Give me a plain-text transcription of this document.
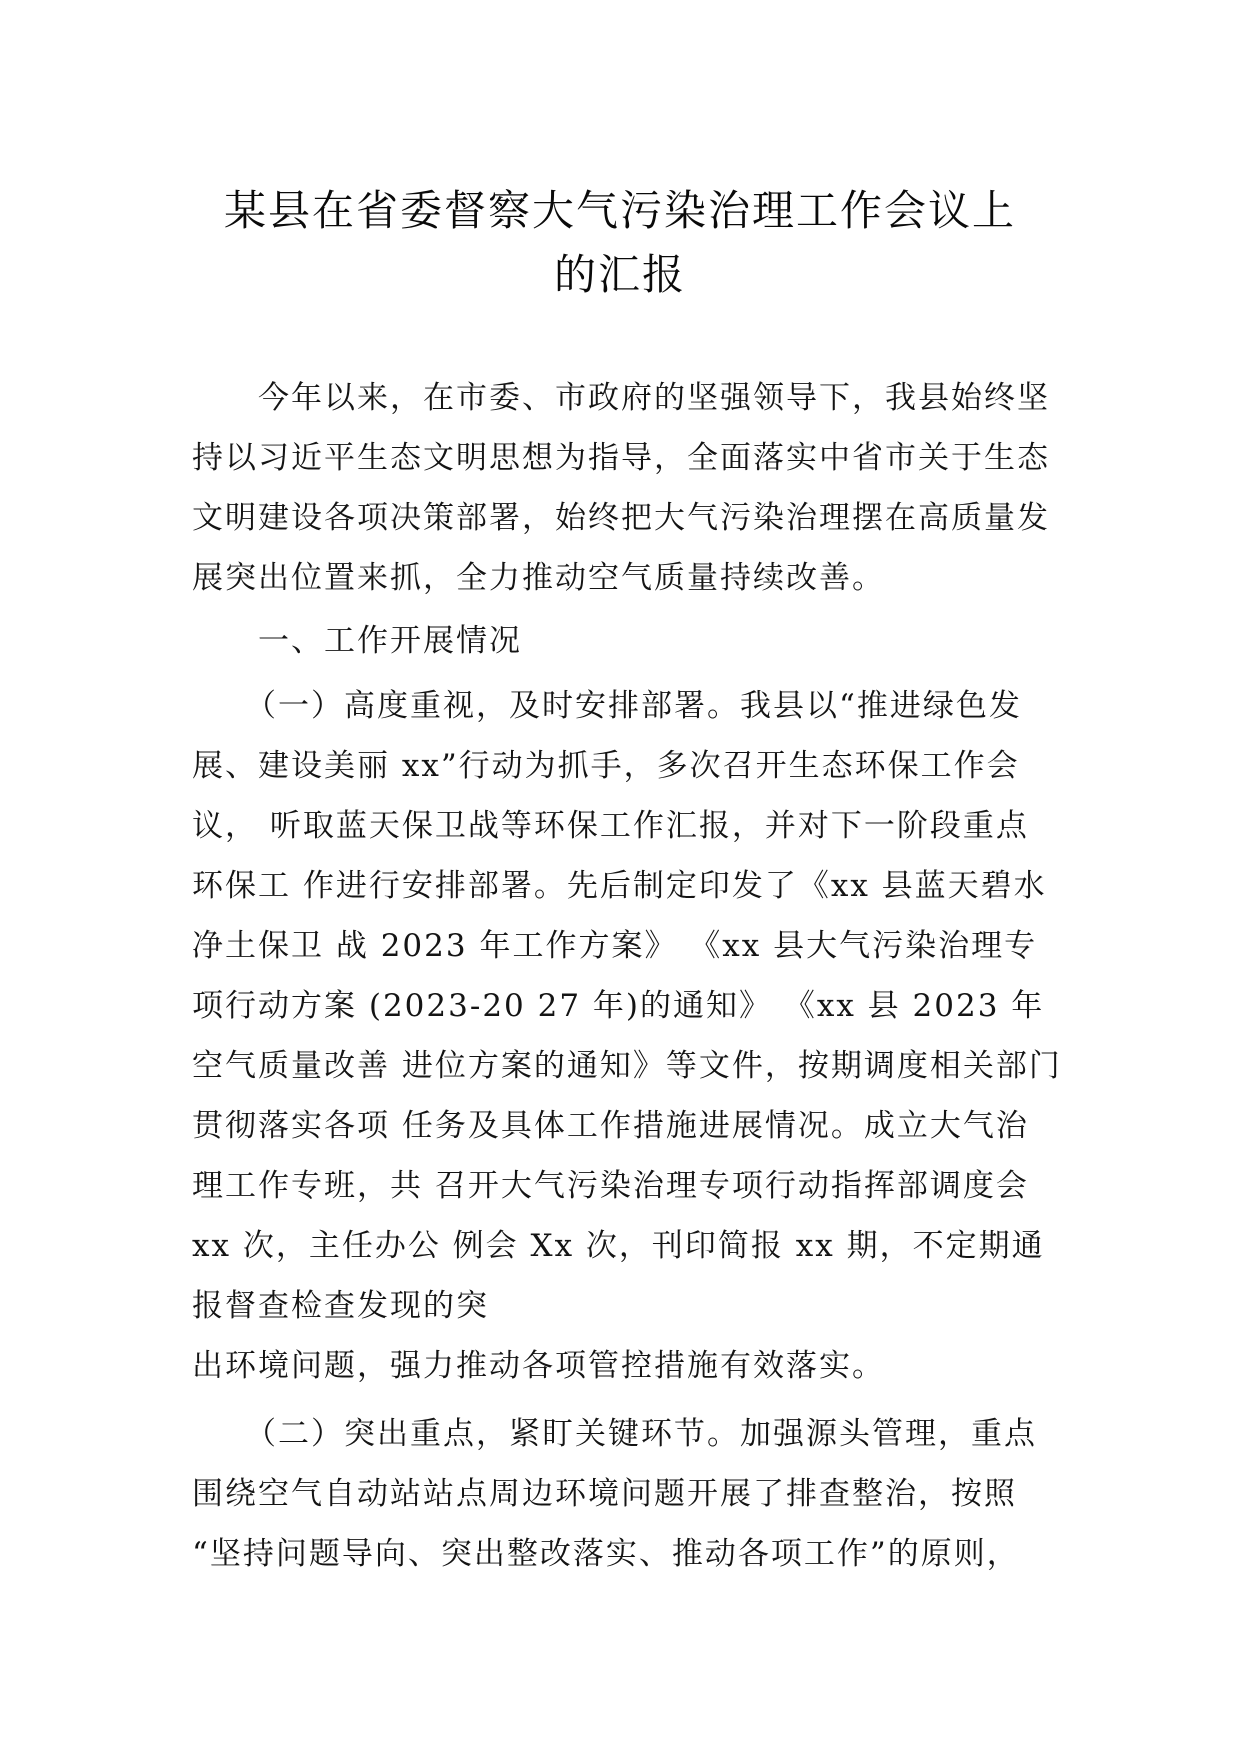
某县在省委督察大气污染治理工作会议上
的汇报
今年以来，在市委、市政府的坚强领导下，我县始终坚
持以习近平生态文明思想为指导，全面落实中省市关于生态
文明建设各项决策部署，始终把大气污染治理摆在高质量发
展突出位置来抓，全力推动空气质量持续改善。
一、工作开展情况
（一）高度重视，及时安排部署。我县以“推进绿色发
展、建设美丽 xx”行动为抓手，多次召开生态环保工作会
议， 听取蓝天保卫战等环保工作汇报，并对下一阶段重点
环保工 作进行安排部署。先后制定印发了《xx 县蓝天碧水
净土保卫 战 2023 年工作方案》 《xx 县大气污染治理专
项行动方案 (2023-20 27 年)的通知》 《xx 县 2023 年
空气质量改善 进位方案的通知》等文件，按期调度相关部门
贯彻落实各项 任务及具体工作措施进展情况。成立大气治
理工作专班，共 召开大气污染治理专项行动指挥部调度会
xx 次，主任办公 例会 Xx 次，刊印简报 xx 期，不定期通
报督查检查发现的突
出环境问题，强力推动各项管控措施有效落实。
（二）突出重点，紧盯关键环节。加强源头管理，重点
围绕空气自动站站点周边环境问题开展了排查整治，按照
“坚持问题导向、突出整改落实、推动各项工作”的原则，
